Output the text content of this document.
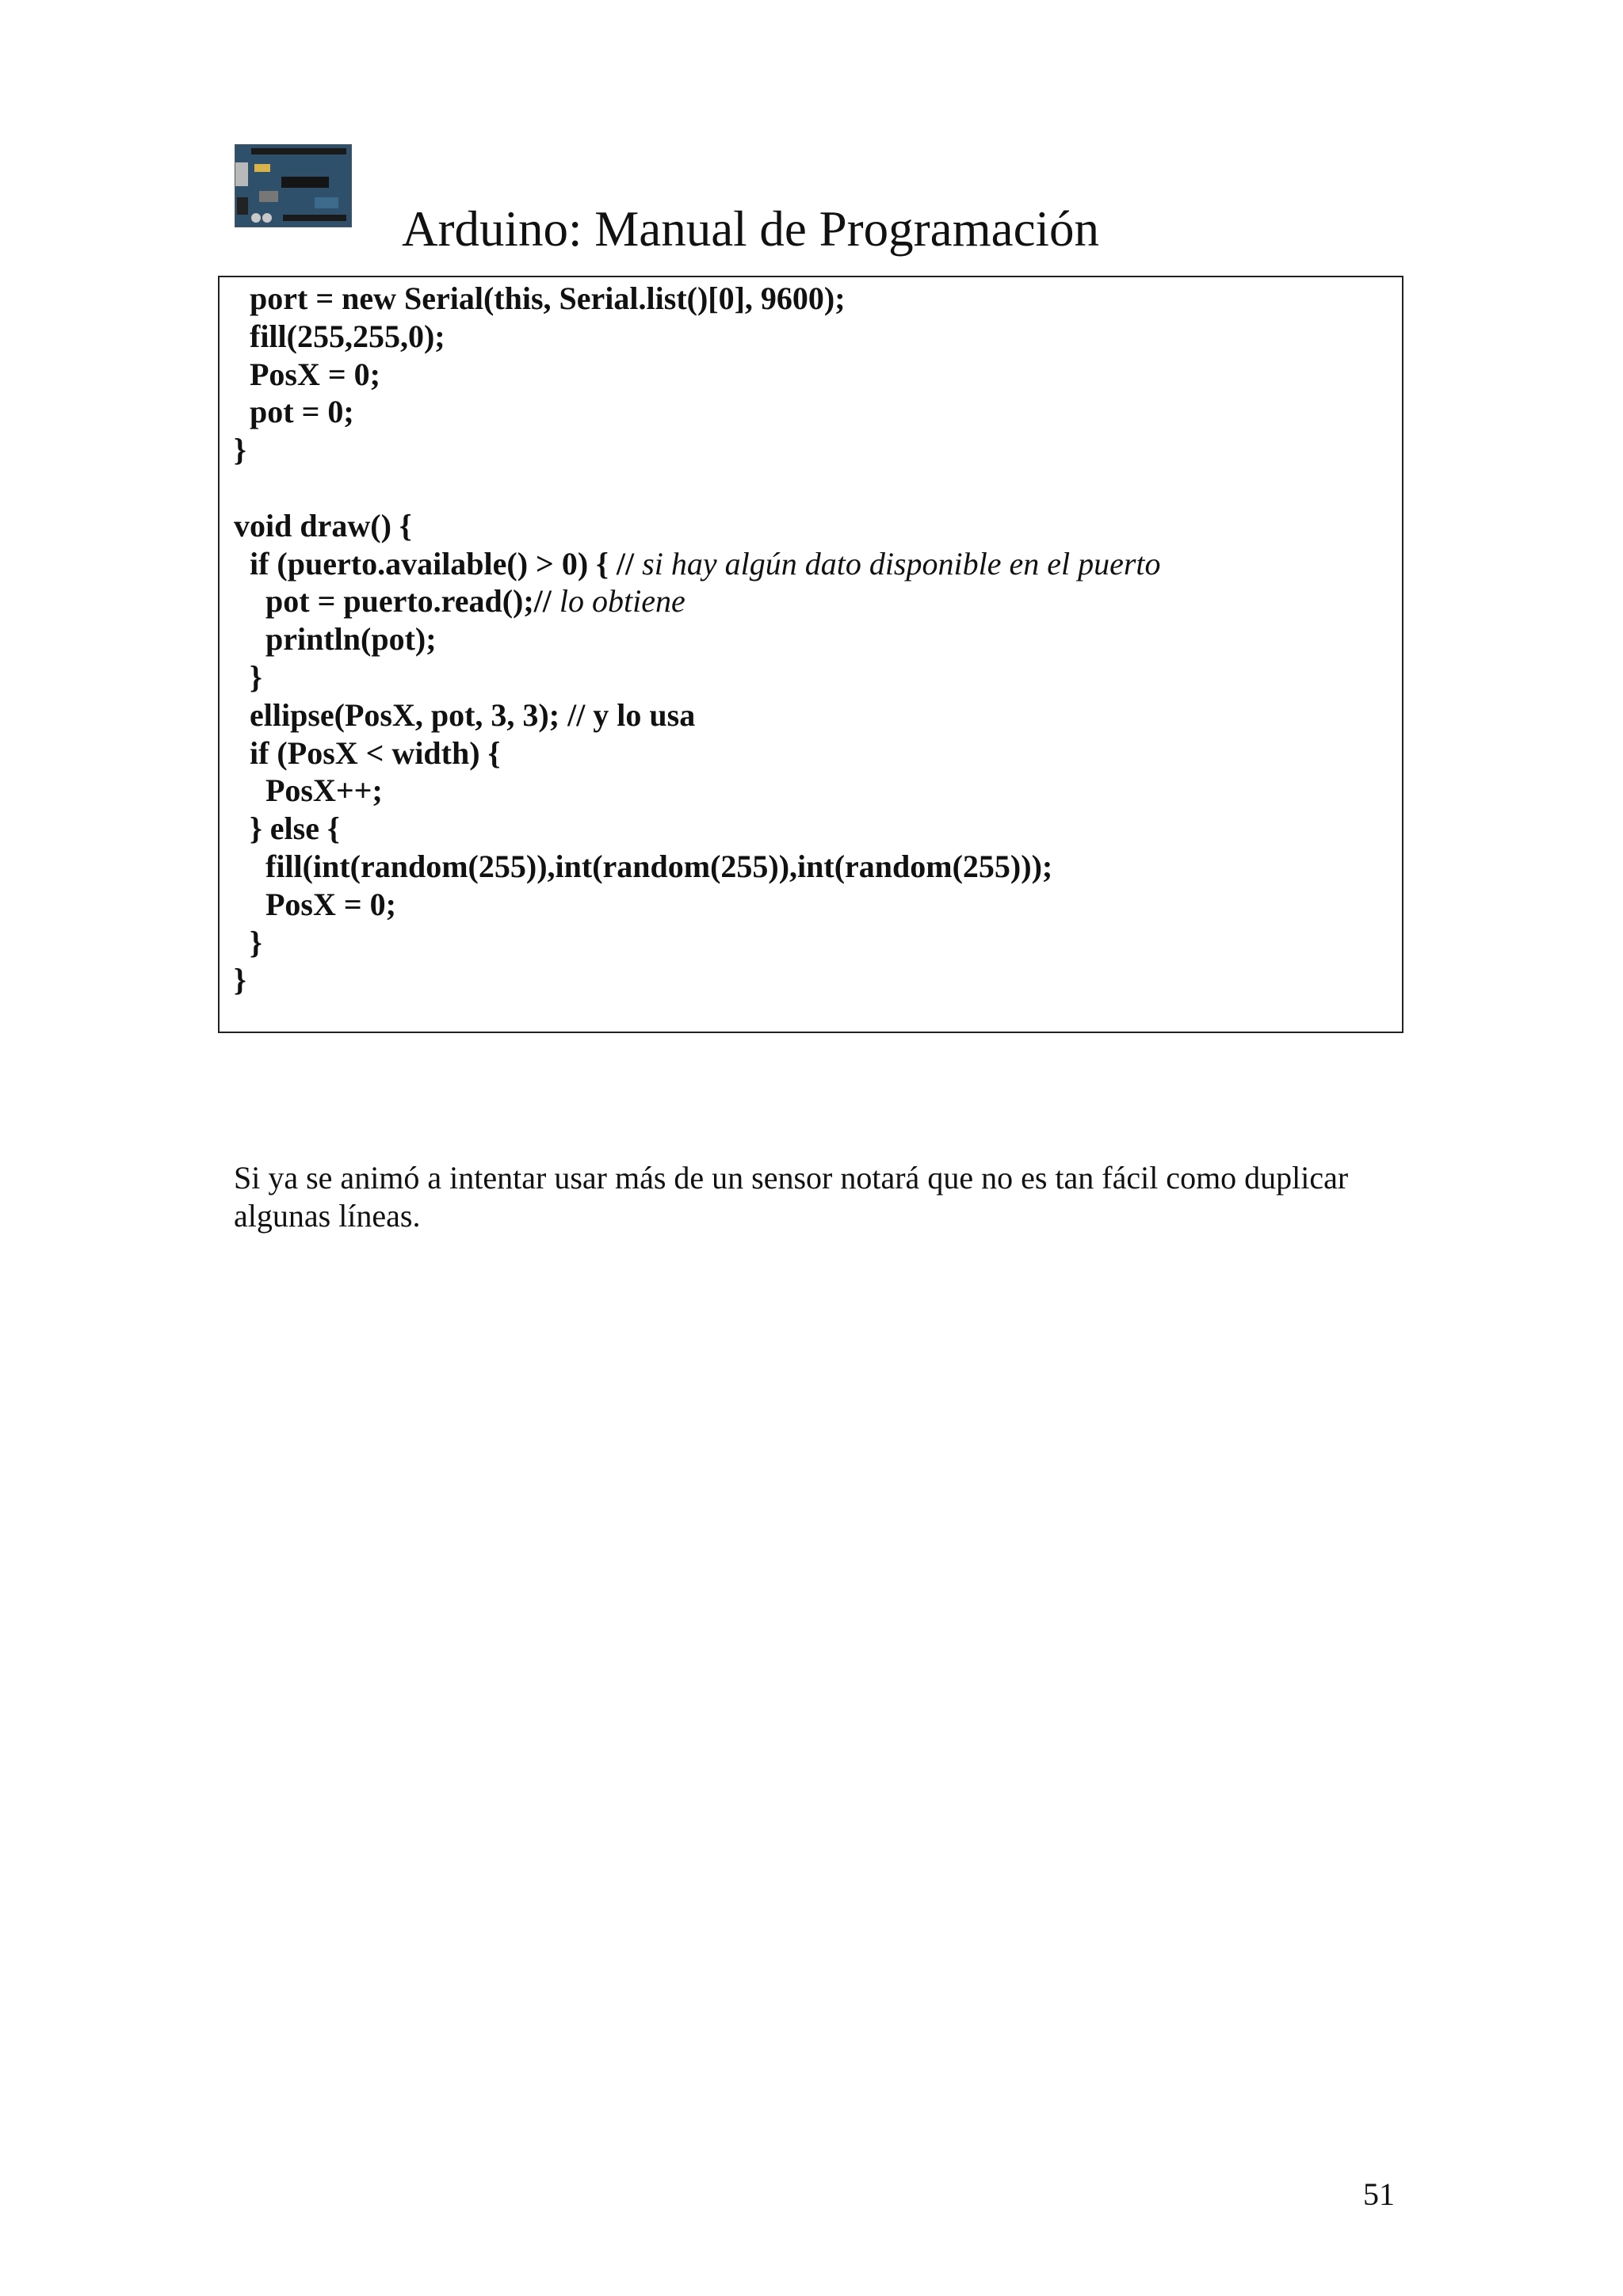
Arduino: Manual de Programación
port = new Serial(this, Serial.list()[0], 9600);
fill(255,255,0);
PosX = 0;
pot = 0;
}
void draw() {
if (puerto.available() > 0) { // si hay algún dato disponible en el puerto
pot = puerto.read();// lo obtiene
println(pot);
}
ellipse(PosX, pot, 3, 3); // y lo usa
if (PosX < width) {
PosX++;
} else {
fill(int(random(255)),int(random(255)),int(random(255)));
PosX = 0;
}
}

Si ya se animó a intentar usar más de un sensor notará que no es tan fácil como duplicar algunas líneas.

51
